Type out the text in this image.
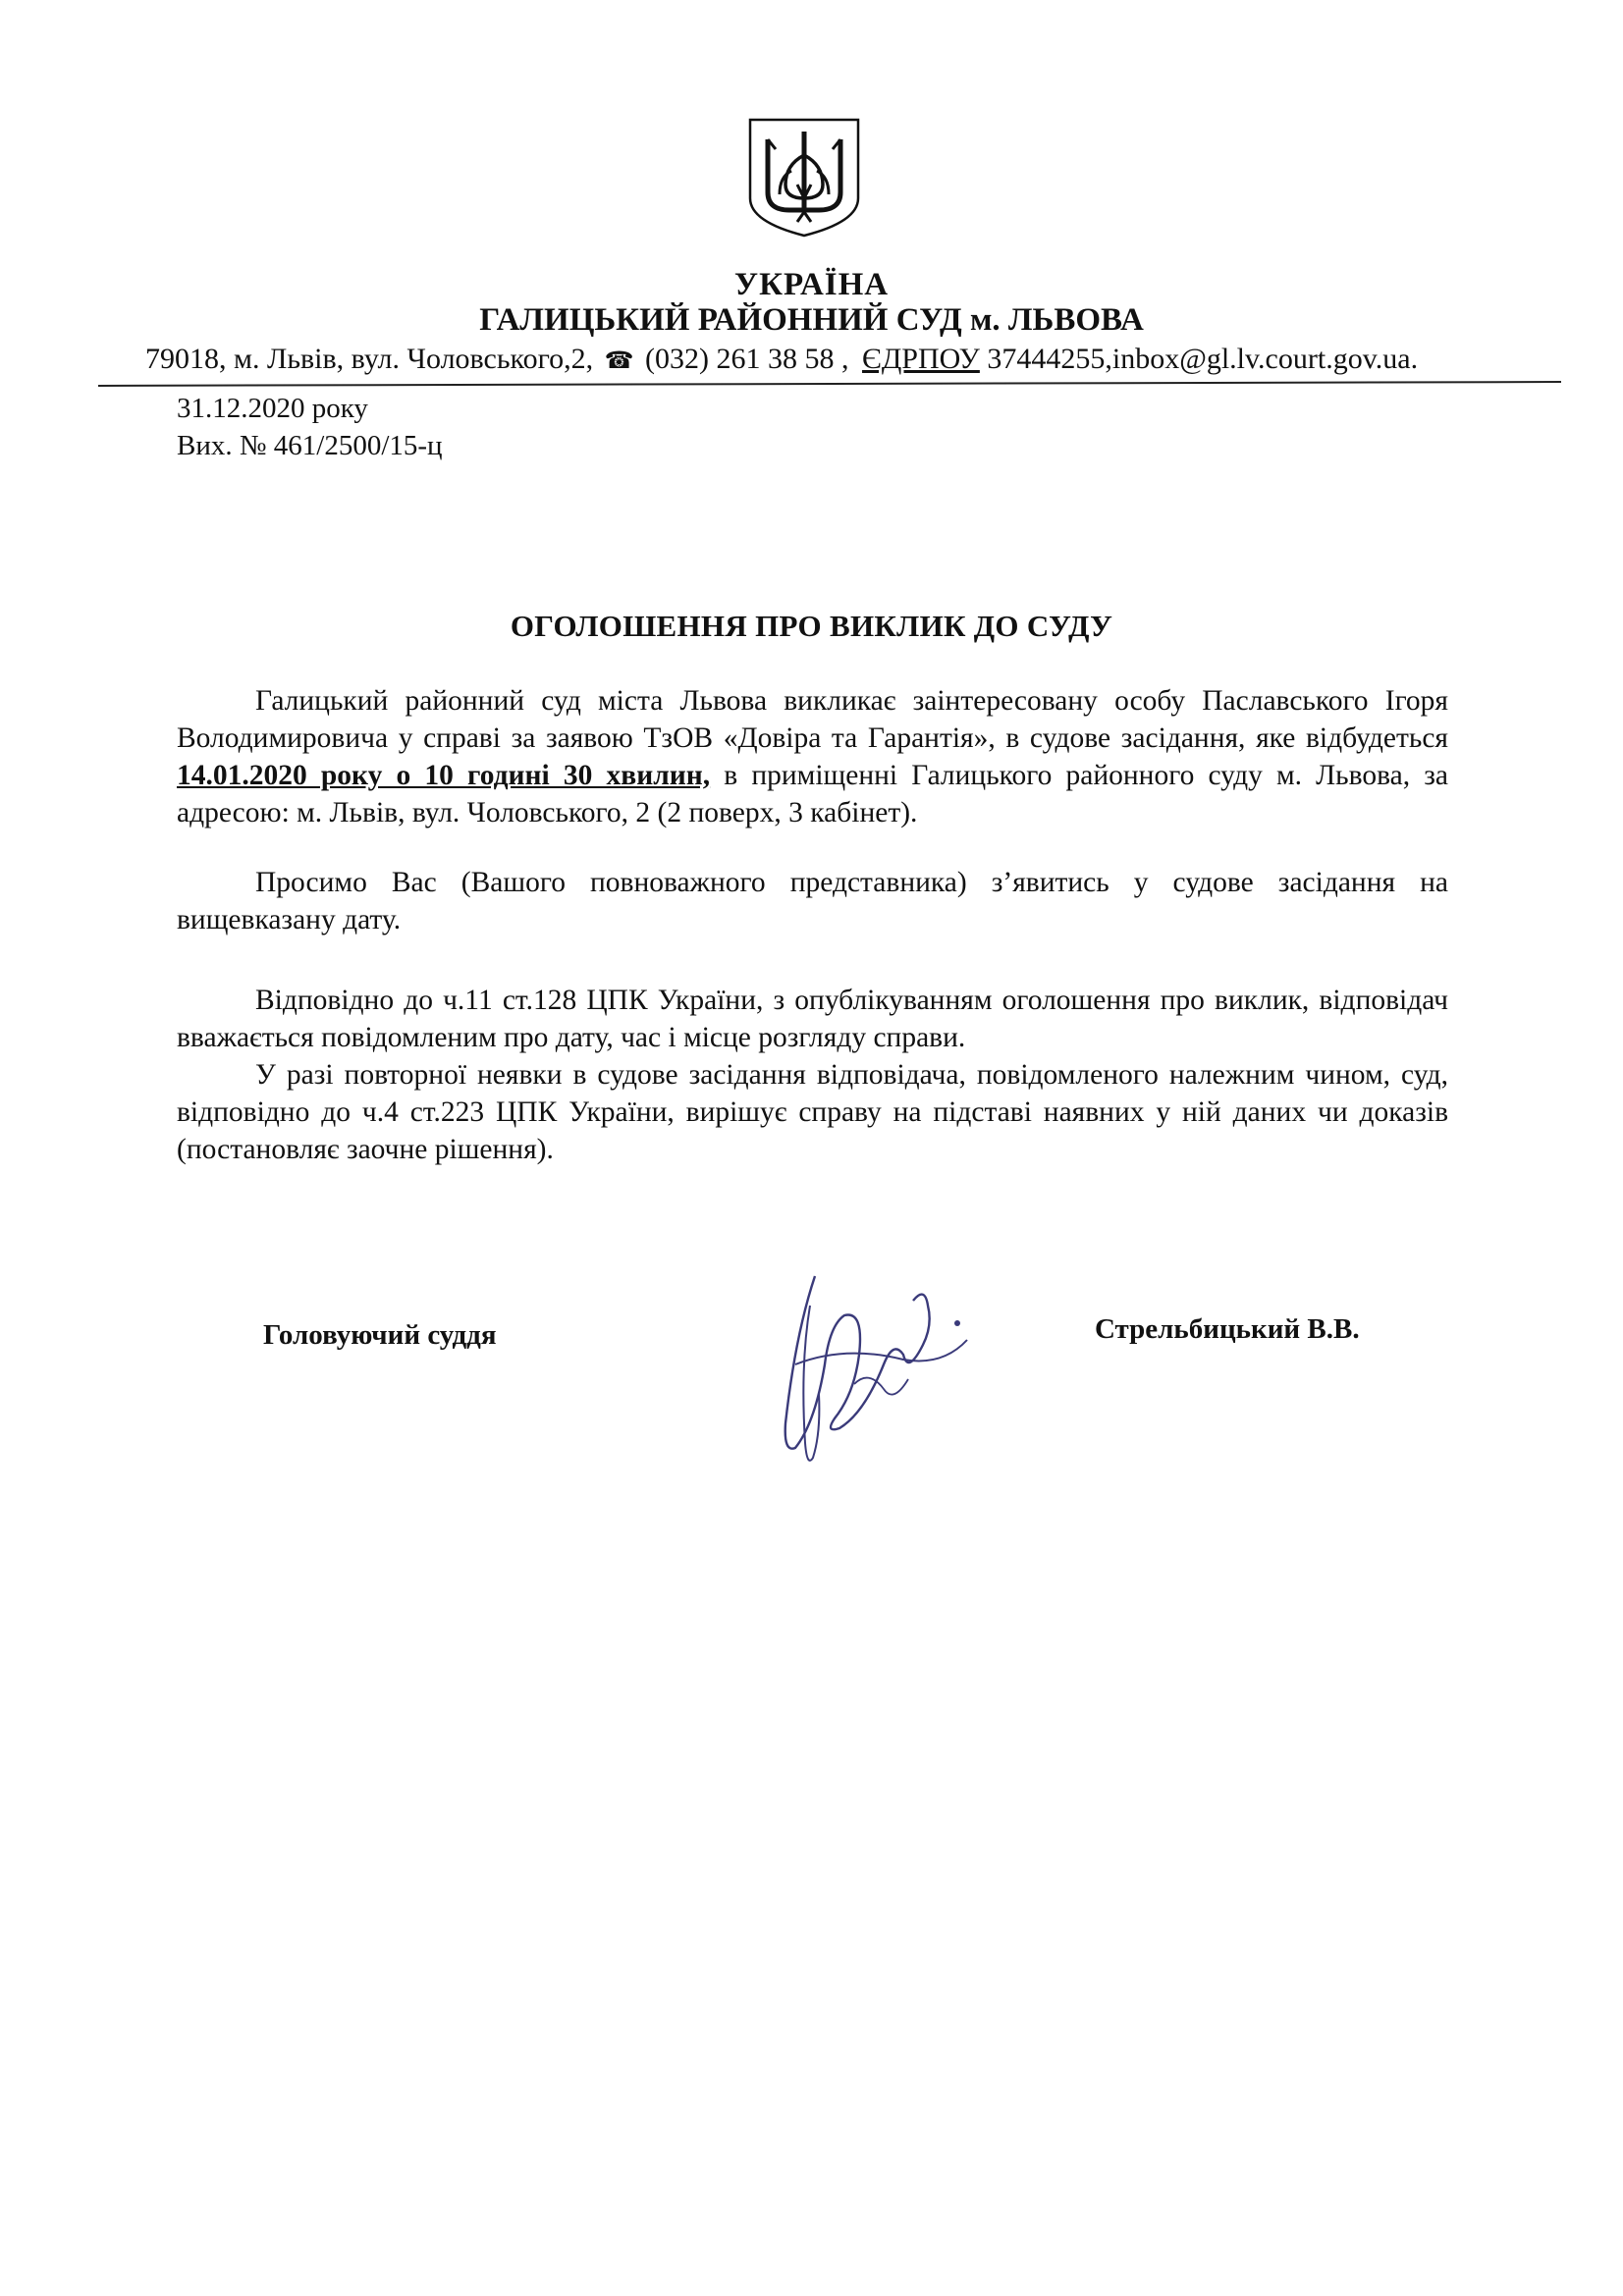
УКРАЇНА
ГАЛИЦЬКИЙ РАЙОННИЙ СУД м. ЛЬВОВА
79018, м. Львів, вул. Чоловського,2, ☎ (032) 261 38 58 , ЄДРПОУ 37444255,inbox@gl.lv.court.gov.ua.
31.12.2020 року
Вих. № 461/2500/15-ц
ОГОЛОШЕННЯ ПРО ВИКЛИК ДО СУДУ

Галицький районний суд міста Львова викликає заінтересовану особу Паславського Ігоря Володимировича у справі за заявою ТзОВ «Довіра та Гарантія», в судове засідання, яке відбудеться 14.01.2020 року о 10 годині 30 хвилин, в приміщенні Галицького районного суду м. Львова, за адресою: м. Львів, вул. Чоловського, 2 (2 поверх, 3 кабінет).

Просимо Вас (Вашого повноважного представника) з’явитись у судове засідання на вищевказану дату.

Відповідно до ч.11 ст.128 ЦПК України, з опублікуванням оголошення про виклик, відповідач вважається повідомленим про дату, час і місце розгляду справи.

У разі повторної неявки в судове засідання відповідача, повідомленого належним чином, суд, відповідно до ч.4 ст.223 ЦПК України, вирішує справу на підставі наявних у ній даних чи доказів (постановляє заочне рішення).

Головуючий суддя	Стрельбицький В.В.
